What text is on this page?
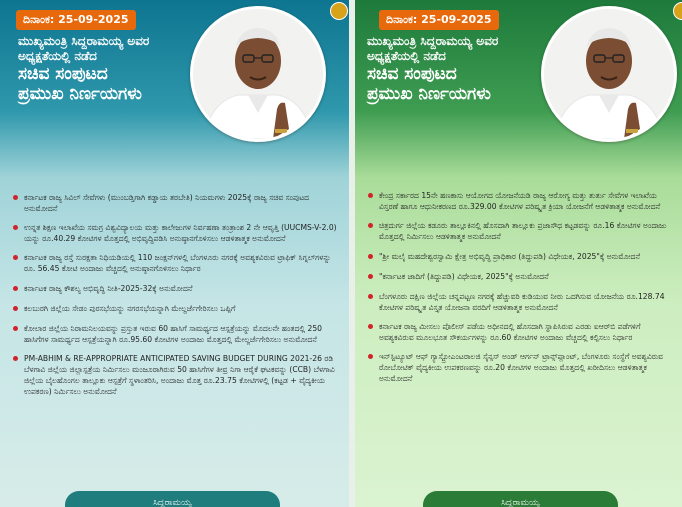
ದಿನಾಂಕ: 25-09-2025
ಮುಖ್ಯಮಂತ್ರಿ ಸಿದ್ದರಾಮಯ್ಯ ಅವರ
ಅಧ್ಯಕ್ಷತೆಯಲ್ಲಿ ನಡೆದ
ಸಚಿವ ಸಂಪುಟದ
ಪ್ರಮುಖ ನಿರ್ಣಯಗಳು
ಕರ್ನಾಟಕ ರಾಜ್ಯ ಸಿವಿಲ್ ಸೇವೆಗಳು (ಮುಂಬಡ್ತಿಗಾಗಿ ಕಡ್ಡಾಯ ತರಬೇತಿ) ನಿಯಮಗಳು 2025ಕ್ಕೆ ರಾಜ್ಯ ಸಚಿವ ಸಂಪುಟದ ಅನುಮೋದನೆ
ಉನ್ನತ ಶಿಕ್ಷಣ ಇಲಾಖೆಯ ಸಮಗ್ರ ವಿಶ್ವವಿದ್ಯಾಲಯ ಮತ್ತು ಕಾಲೇಜುಗಳ ನಿರ್ವಹಣಾ ತಂತ್ರಾಂಶ 2 ನೇ ಆವೃತ್ತಿ (UUCMS-V-2.0) ಯನ್ನು ರೂ.40.29 ಕೋಟಿಗಳ ಮೊತ್ತದಲ್ಲಿ ಅಭಿವೃದ್ಧಿಪಡಿಸಿ ಅನುಷ್ಠಾನಗೊಳಿಸಲು ಆಡಳಿತಾತ್ಮಕ ಅನುಮೋದನೆ
ಕರ್ನಾಟಕ ರಾಜ್ಯ ರಸ್ತೆ ಸುರಕ್ಷತಾ ನಿಧಿಯಡಿಯಲ್ಲಿ 110 ಜಂಕ್ಷನ್‌ಗಳಲ್ಲಿ ಬೆಂಗಳೂರು ನಗರಕ್ಕೆ ಅವಶ್ಯಕವಿರುವ ಟ್ರಾಫಿಕ್ ಸಿಗ್ನಲ್‌ಗಳನ್ನು ರೂ. 56.45 ಕೋಟಿ ಅಂದಾಜು ವೆಚ್ಚದಲ್ಲಿ ಅನುಷ್ಠಾನಗೊಳಿಸಲು ನಿರ್ಧಾರ
ಕರ್ನಾಟಕ ರಾಜ್ಯ ಕೌಶಲ್ಯ ಅಭಿವೃದ್ಧಿ ನೀತಿ-2025-32ಕ್ಕೆ ಅನುಮೋದನೆ
ಕಲಬುರಗಿ ಜಿಲ್ಲೆಯ ಸೇಡಂ ಪುರಸಭೆಯನ್ನು ನಗರಸಭೆಯನ್ನಾಗಿ ಮೇಲ್ದರ್ಜೆಗೇರಿಸಲು ಒಪ್ಪಿಗೆ
ಕೋಲಾರ ಜಿಲ್ಲೆಯ ನಿರಾಮನಿಲಯವನ್ನು ಪ್ರಸ್ತುತ ಇರುವ 60 ಹಾಸಿಗೆ ಸಾಮರ್ಥ್ಯದ ಆಸ್ಪತ್ರೆಯನ್ನು ಮೊದಲನೇ ಹಂತದಲ್ಲಿ 250 ಹಾಸಿಗೆಗಳ ಸಾಮರ್ಥ್ಯದ ಆಸ್ಪತ್ರೆಯನ್ನಾಗಿ ರೂ.95.60 ಕೋಟಿಗಳ ಅಂದಾಜು ಮೊತ್ತದಲ್ಲಿ ಮೇಲ್ದರ್ಜೆಗೇರಿಸಲು ಅನುಮೋದನೆ
PM-ABHIM & RE-APPROPRIATE ANTICIPATED SAVING BUDGET DURING 2021-26 ರಡಿ ಬೆಳಗಾವಿ ಜಿಲ್ಲೆಯ ಜಿಲ್ಲಾಸ್ಪತ್ರೆಯ ನಿರ್ಮಿಸಲು ಮಂಜೂರಾಗಿರುವ 50 ಹಾಸಿಗೆಗಳ ತೀವ್ರ ನಿಗಾ ಆರೈಕೆ ಘಟಕವನ್ನು (CCB) ಬೆಳಗಾವಿ ಜಿಲ್ಲೆಯ ಬೈಲಹೊಂಗಲ ತಾಲ್ಲೂಕು ಆಸ್ಪತ್ರೆಗೆ ಸ್ಥಳಾಂತರಿಸಿ, ಅಂದಾಜು ಮೊತ್ತ ರೂ.23.75 ಕೋಟಿಗಳಲ್ಲಿ (ಕಟ್ಟಡ + ವೈದ್ಯಕೀಯ ಉಪಕರಣ) ನಿರ್ಮಿಸಲು ಅನುಮೋದನೆ
ಸಿದ್ದರಾಮಯ್ಯ
ದಿನಾಂಕ: 25-09-2025
ಮುಖ್ಯಮಂತ್ರಿ ಸಿದ್ದರಾಮಯ್ಯ ಅವರ
ಅಧ್ಯಕ್ಷತೆಯಲ್ಲಿ ನಡೆದ
ಸಚಿವ ಸಂಪುಟದ
ಪ್ರಮುಖ ನಿರ್ಣಯಗಳು
ಕೇಂದ್ರ ಸರ್ಕಾರದ 15ನೇ ಹಣಕಾಸು ಆಯೋಗದ ಯೋಜನೆಯಡಿ ರಾಜ್ಯ ಆರೋಗ್ಯ ಮತ್ತು ತುರ್ತು ಸೇವೆಗಳ ಇಲಾಖೆಯ ವಿಸ್ತರಣೆ ಹಾಗೂ ಆಧುನೀಕರಣದ ರೂ.329.00 ಕೋಟಿಗಳ ಪರಿಷ್ಕೃತ ಕ್ರಿಯಾ ಯೋಜನೆಗೆ ಆಡಳಿತಾತ್ಮಕ ಅನುಮೋದನೆ
ಚಿತ್ರದುರ್ಗ ಜಿಲ್ಲೆಯ ಕಡೂರು ತಾಲ್ಲೂಕಿನಲ್ಲಿ ಹೊಸದಾಗಿ ತಾಲ್ಲೂಕು ಪ್ರಜಾಸೌಧ ಕಟ್ಟಡವನ್ನು ರೂ.16 ಕೋಟಿಗಳ ಅಂದಾಜು ಮೊತ್ತದಲ್ಲಿ ನಿರ್ಮಿಸಲು ಆಡಳಿತಾತ್ಮಕ ಅನುಮೋದನೆ
"ಶ್ರೀ ಮಲೈ ಮಹದೇಶ್ವರಸ್ವಾಮಿ ಕ್ಷೇತ್ರ ಅಭಿವೃದ್ಧಿ ಪ್ರಾಧಿಕಾರ (ತಿದ್ದುಪಡಿ) ವಿಧೇಯಕ, 2025"ಕ್ಕೆ ಅನುಮೋದನೆ
"ಕರ್ನಾಟಕ ಜಾದಿಗೆ (ತಿದ್ದುಪಡಿ) ವಿಧೇಯಕ, 2025"ಕ್ಕೆ ಅನುಮೋದನೆ
ಬೆಂಗಳೂರು ದಕ್ಷಿಣ ಜಿಲ್ಲೆಯ ಚನ್ನಪಟ್ಟಣ ನಗರಕ್ಕೆ ಹೆಚ್ಚುವರಿ ಕುಡಿಯುವ ನೀರು ಒದಗಿಸುವ ಯೋಜನೆಯ ರೂ.128.74 ಕೋಟಿಗಳ ಪರಿಷ್ಕೃತ ವಿಸ್ತೃತ ಯೋಜನಾ ವರದಿಗೆ ಆಡಳಿತಾತ್ಮಕ ಅನುಮೋದನೆ
ಕರ್ನಾಟಕ ರಾಜ್ಯ ಮೀಸಲು ಪೊಲೀಸ್ ಪಡೆಯ ಅಧೀನದಲ್ಲಿ ಹೊಸದಾಗಿ ಸ್ಥಾಪಿಸಿರುವ ಎರಡು ಐಆರ್‌ಬಿ ಪಡೆಗಳಿಗೆ ಅವಶ್ಯಕವಿರುವ ಮೂಲಭೂತ ಸೌಕರ್ಯಗಳನ್ನು ರೂ.60 ಕೋಟಿಗಳ ಅಂದಾಜು ವೆಚ್ಚದಲ್ಲಿ ಕಲ್ಪಿಸಲು ನಿರ್ಧಾರ
ಇನ್‌ಸ್ಟಿಟ್ಯೂಟ್ ಆಫ್ ಗ್ಯಾಸ್ಟ್ರೋಎಂಟರಾಲಜಿ ಸೈನ್ಸಸ್ ಅಂಡ್ ಆರ್ಗನ್ ಟ್ರಾನ್ಸ್‌ಪ್ಲಾಂಟ್, ಬೆಂಗಳೂರು ಸಂಸ್ಥೆಗೆ ಅವಶ್ಯವಿರುವ ರೋಬೋಟಿಕ್ ವೈದ್ಯಕೀಯ ಉಪಕರಣವನ್ನು ರೂ.20 ಕೋಟಿಗಳ ಅಂದಾಜು ಮೊತ್ತದಲ್ಲಿ ಖರೀದಿಸಲು ಆಡಳಿತಾತ್ಮಕ ಅನುಮೋದನೆ
ಸಿದ್ದರಾಮಯ್ಯ
